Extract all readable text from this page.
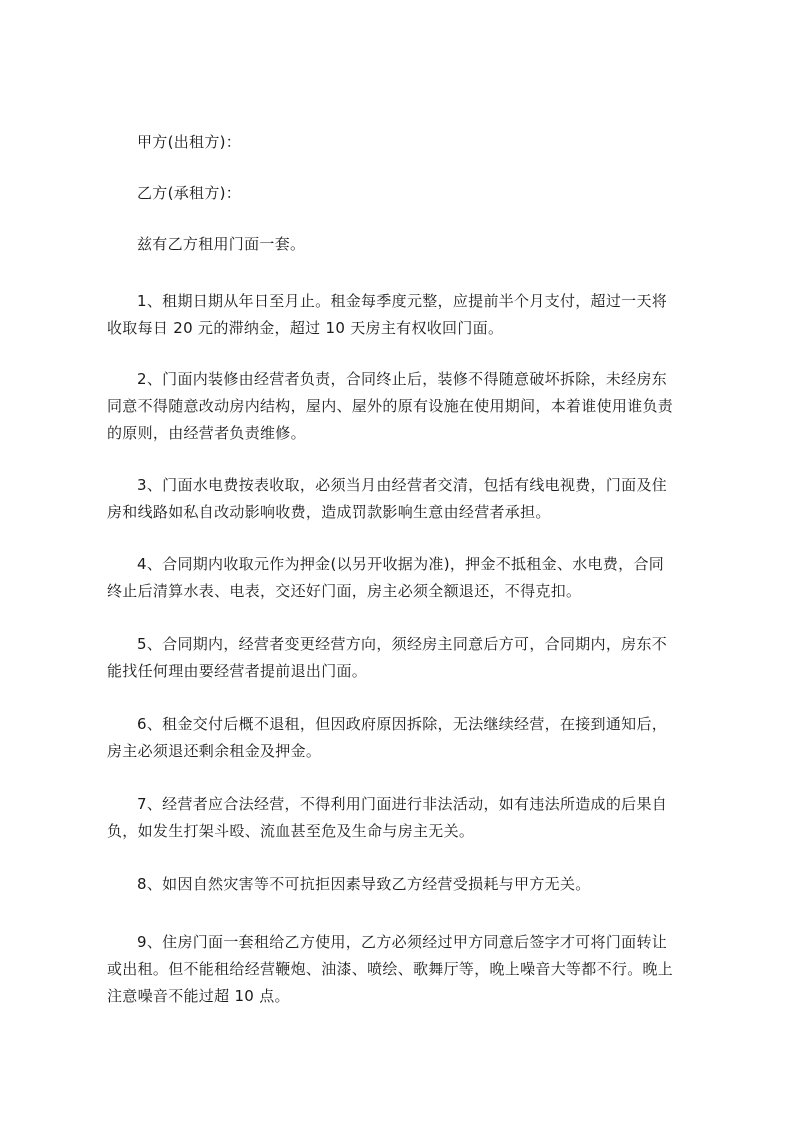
甲方(出租方)：

乙方(承租方)：

兹有乙方租用门面一套。

1、租期日期从年日至月止。租金每季度元整，应提前半个月支付，超过一天将
收取每日 20 元的滞纳金，超过 10 天房主有权收回门面。

2、门面内装修由经营者负责，合同终止后，装修不得随意破坏拆除，未经房东
同意不得随意改动房内结构，屋内、屋外的原有设施在使用期间，本着谁使用谁负责
的原则，由经营者负责维修。

3、门面水电费按表收取，必须当月由经营者交清，包括有线电视费，门面及住
房和线路如私自改动影响收费，造成罚款影响生意由经营者承担。

4、合同期内收取元作为押金(以另开收据为准)，押金不抵租金、水电费，合同
终止后清算水表、电表，交还好门面，房主必须全额退还，不得克扣。

5、合同期内，经营者变更经营方向，须经房主同意后方可，合同期内，房东不
能找任何理由要经营者提前退出门面。

6、租金交付后概不退租，但因政府原因拆除，无法继续经营，在接到通知后，
房主必须退还剩余租金及押金。

7、经营者应合法经营，不得利用门面进行非法活动，如有违法所造成的后果自
负，如发生打架斗殴、流血甚至危及生命与房主无关。

8、如因自然灾害等不可抗拒因素导致乙方经营受损耗与甲方无关。

9、住房门面一套租给乙方使用，乙方必须经过甲方同意后签字才可将门面转让
或出租。但不能租给经营鞭炮、油漆、喷绘、歌舞厅等，晚上噪音大等都不行。晚上
注意噪音不能过超 10 点。
